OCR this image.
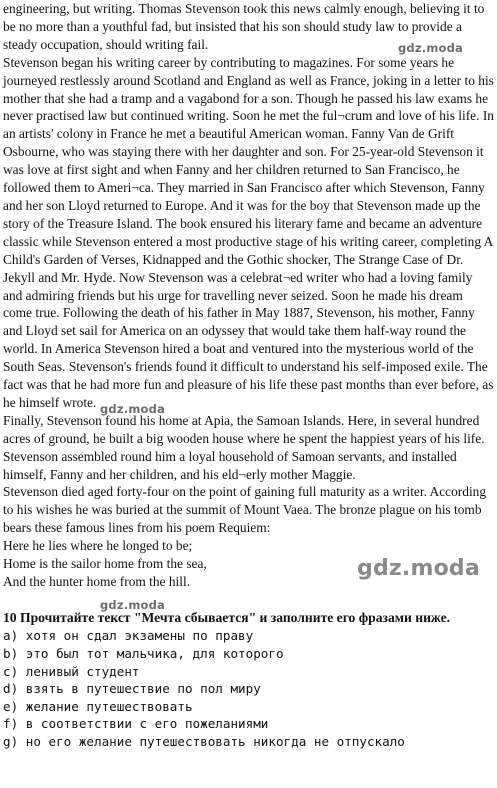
engineering, but writing. Thomas Stevenson took this news calmly enough, believing it to be no more than a youthful fad, but insisted that his son should study law to provide a steady occupation, should writing fail.

Stevenson began his writing career by contributing to magazines. For some years he journeyed restlessly around Scotland and England as well as France, joking in a letter to his mother that she had a tramp and a vagabond for a son. Though he passed his law exams he never practised law but continued writing. Soon he met the ful¬crum and love of his life. In an artists' colony in France he met a beautiful American woman. Fanny Van de Grift Osbourne, who was staying there with her daughter and son. For 25-year-old Stevenson it was love at first sight and when Fanny and her children returned to San Francisco, he followed them to Ameri¬ca. They married in San Francisco after which Stevenson, Fanny and her son Lloyd returned to Europe. And it was for the boy that Stevenson made up the story of the Treasure Island. The book ensured his literary fame and became an adventure classic while Stevenson entered a most productive stage of his writing career, completing A Child's Garden of Verses, Kidnapped and the Gothic shocker, The Strange Case of Dr. Jekyll and Mr. Hyde. Now Stevenson was a celebrat¬ed writer who had a loving family and admiring friends but his urge for travelling never seized. Soon he made his dream come true. Following the death of his father in May 1887, Stevenson, his mother, Fanny and Lloyd set sail for America on an odyssey that would take them half-way round the world. In America Stevenson hired a boat and ventured into the mysterious world of the South Seas. Stevenson's friends found it difficult to understand his self-imposed exile. The fact was that he had more fun and pleasure of his life these past months than ever before, as he himself wrote.

Finally, Stevenson found his home at Apia, the Samoan Islands. Here, in several hundred acres of ground, he built a big wooden house where he spent the happiest years of his life. Stevenson assembled round him a loyal household of Samoan servants, and installed himself, Fanny and her children, and his eld¬erly mother Maggie.

Stevenson died aged forty-four on the point of gaining full maturity as a writer. According to his wishes he was buried at the summit of Mount Vaea. The bronze plague on his tomb bears these famous lines from his poem Requiem:

Here he lies where he longed to be;
Home is the sailor home from the sea,
And the hunter home from the hill.
10 Прочитайте текст "Мечта сбывается" и заполните его фразами ниже.
а) хотя он сдал экзамены по праву
b) это был тот мальчика, для которого
c) ленивый студент
d) взять в путешествие по пол миру
e) желание путешествовать
f) в соответствии с его пожеланиями
g) но его желание путешествовать никогда не отпускало
gdz.moda
gdz.moda
gdz.moda
gdz.moda
